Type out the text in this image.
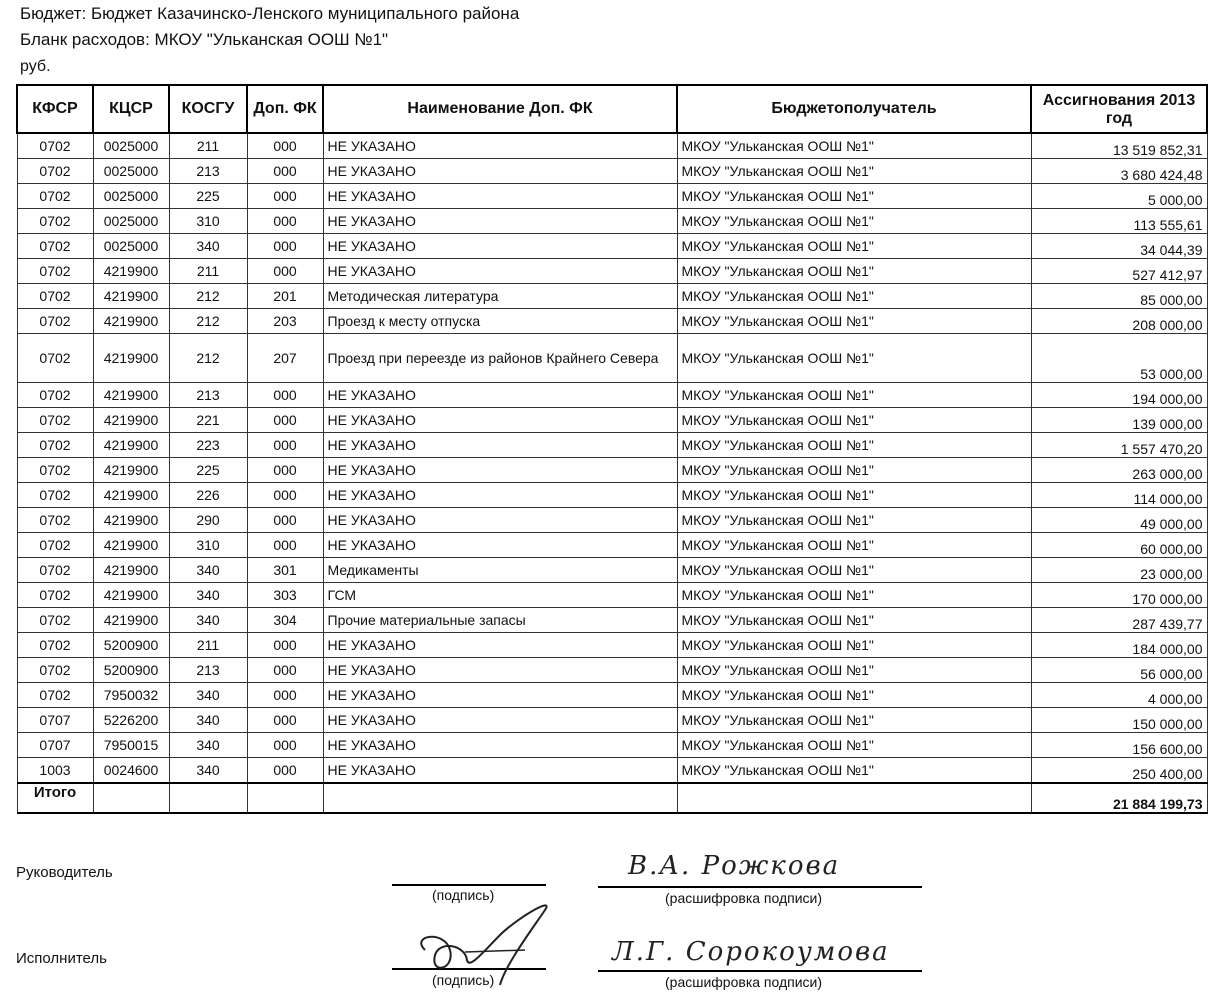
Бюджет: Бюджет Казачинско-Ленского муниципального района
Бланк расходов: МКОУ "Ульканская ООШ №1"
руб.
КФСР	КЦСР	КОСГУ	Доп. ФК	Наименование Доп. ФК	Бюджетополучатель	Ассигнования 2013 год
0702	0025000	211	000	НЕ УКАЗАНО	МКОУ "Ульканская ООШ №1"	13 519 852,31
0702	0025000	213	000	НЕ УКАЗАНО	МКОУ "Ульканская ООШ №1"	3 680 424,48
0702	0025000	225	000	НЕ УКАЗАНО	МКОУ "Ульканская ООШ №1"	5 000,00
0702	0025000	310	000	НЕ УКАЗАНО	МКОУ "Ульканская ООШ №1"	113 555,61
0702	0025000	340	000	НЕ УКАЗАНО	МКОУ "Ульканская ООШ №1"	34 044,39
0702	4219900	211	000	НЕ УКАЗАНО	МКОУ "Ульканская ООШ №1"	527 412,97
0702	4219900	212	201	Методическая литература	МКОУ "Ульканская ООШ №1"	85 000,00
0702	4219900	212	203	Проезд к месту отпуска	МКОУ "Ульканская ООШ №1"	208 000,00
0702	4219900	212	207	Проезд при переезде из районов Крайнего Севера	МКОУ "Ульканская ООШ №1"	53 000,00
0702	4219900	213	000	НЕ УКАЗАНО	МКОУ "Ульканская ООШ №1"	194 000,00
0702	4219900	221	000	НЕ УКАЗАНО	МКОУ "Ульканская ООШ №1"	139 000,00
0702	4219900	223	000	НЕ УКАЗАНО	МКОУ "Ульканская ООШ №1"	1 557 470,20
0702	4219900	225	000	НЕ УКАЗАНО	МКОУ "Ульканская ООШ №1"	263 000,00
0702	4219900	226	000	НЕ УКАЗАНО	МКОУ "Ульканская ООШ №1"	114 000,00
0702	4219900	290	000	НЕ УКАЗАНО	МКОУ "Ульканская ООШ №1"	49 000,00
0702	4219900	310	000	НЕ УКАЗАНО	МКОУ "Ульканская ООШ №1"	60 000,00
0702	4219900	340	301	Медикаменты	МКОУ "Ульканская ООШ №1"	23 000,00
0702	4219900	340	303	ГСМ	МКОУ "Ульканская ООШ №1"	170 000,00
0702	4219900	340	304	Прочие материальные запасы	МКОУ "Ульканская ООШ №1"	287 439,77
0702	5200900	211	000	НЕ УКАЗАНО	МКОУ "Ульканская ООШ №1"	184 000,00
0702	5200900	213	000	НЕ УКАЗАНО	МКОУ "Ульканская ООШ №1"	56 000,00
0702	7950032	340	000	НЕ УКАЗАНО	МКОУ "Ульканская ООШ №1"	4 000,00
0707	5226200	340	000	НЕ УКАЗАНО	МКОУ "Ульканская ООШ №1"	150 000,00
0707	7950015	340	000	НЕ УКАЗАНО	МКОУ "Ульканская ООШ №1"	156 600,00
1003	0024600	340	000	НЕ УКАЗАНО	МКОУ "Ульканская ООШ №1"	250 400,00
Итого						21 884 199,73
Руководитель
(подпись)	(расшифровка подписи)
В.А. Рожкова
Исполнитель
(подпись)	(расшифровка подписи)
Л.Г. Сорокоумова
